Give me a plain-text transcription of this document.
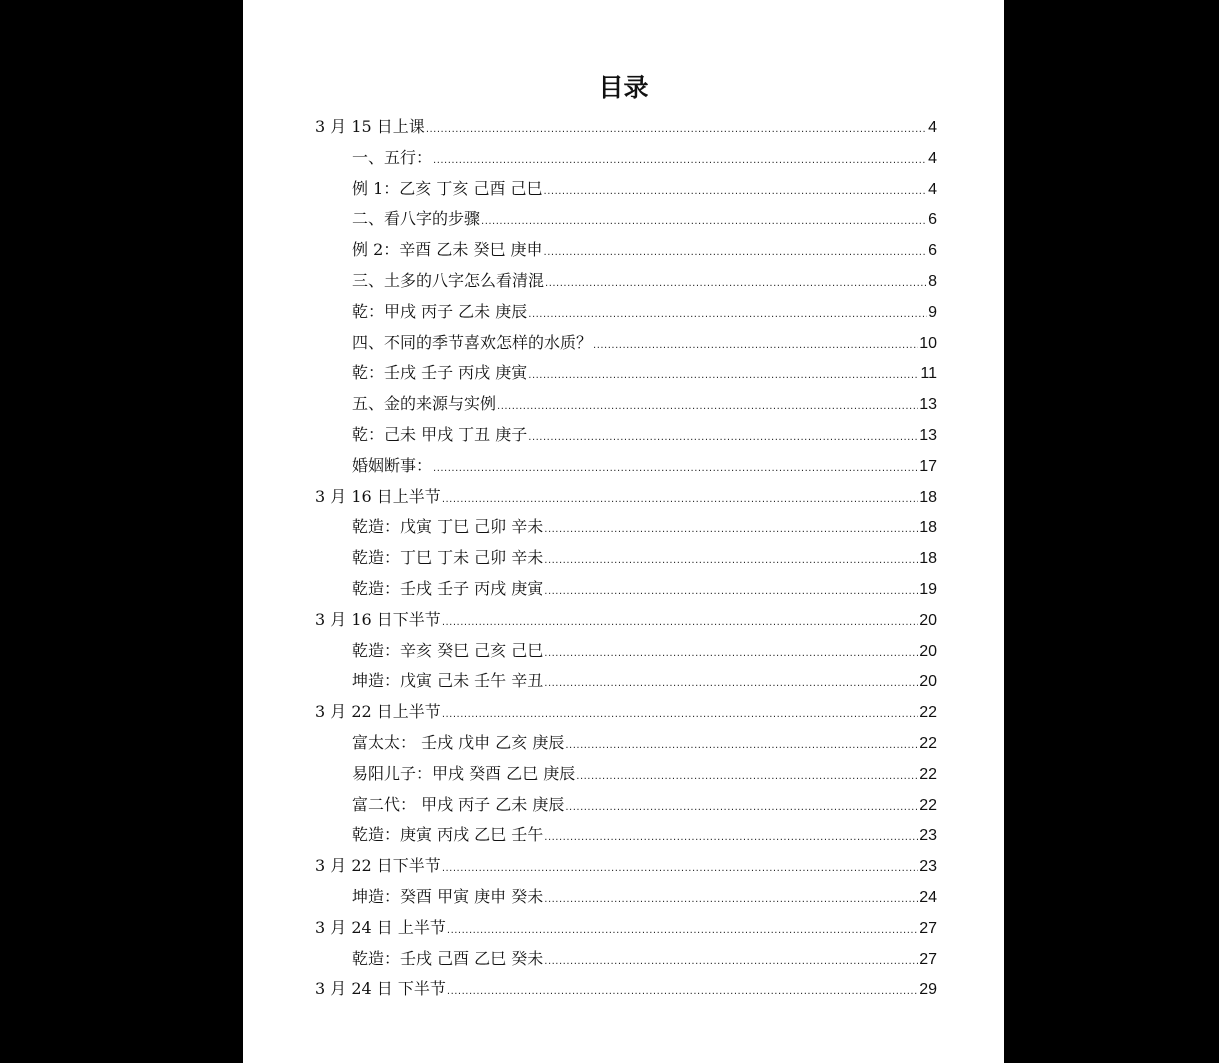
目录
3 月 15 日上课 .....	4
一、五行： .....	4
例 1：乙亥 丁亥 己酉 己巳 .....	4
二、看八字的步骤 .....	6
例 2：辛酉 乙未 癸巳 庚申 .....	6
三、土多的八字怎么看清混 .....	8
乾：甲戌 丙子 乙未 庚辰 .....	9
四、不同的季节喜欢怎样的水质？ .....	10
乾：壬戌 壬子 丙戌 庚寅 .....	11
五、金的来源与实例 .....	13
乾：己未 甲戌 丁丑 庚子 .....	13
婚姻断事： .....	17
3 月 16 日上半节 .....	18
乾造：戊寅 丁巳 己卯 辛未 .....	18
乾造：丁巳 丁未 己卯 辛未 .....	18
乾造：壬戌 壬子 丙戌 庚寅 .....	19
3 月 16 日下半节 .....	20
乾造：辛亥 癸巳 己亥 己巳 .....	20
坤造：戊寅 己未 壬午 辛丑 .....	20
3 月 22 日上半节 .....	22
富太太： 壬戌 戊申 乙亥 庚辰 .....	22
易阳儿子：甲戌 癸酉 乙巳 庚辰 .....	22
富二代： 甲戌 丙子 乙未 庚辰 .....	22
乾造：庚寅 丙戌 乙巳 壬午 .....	23
3 月 22 日下半节 .....	23
坤造：癸酉 甲寅 庚申 癸未 .....	24
3 月 24 日 上半节 .....	27
乾造：壬戌 己酉 乙巳 癸未 .....	27
3 月 24 日 下半节 .....	29
